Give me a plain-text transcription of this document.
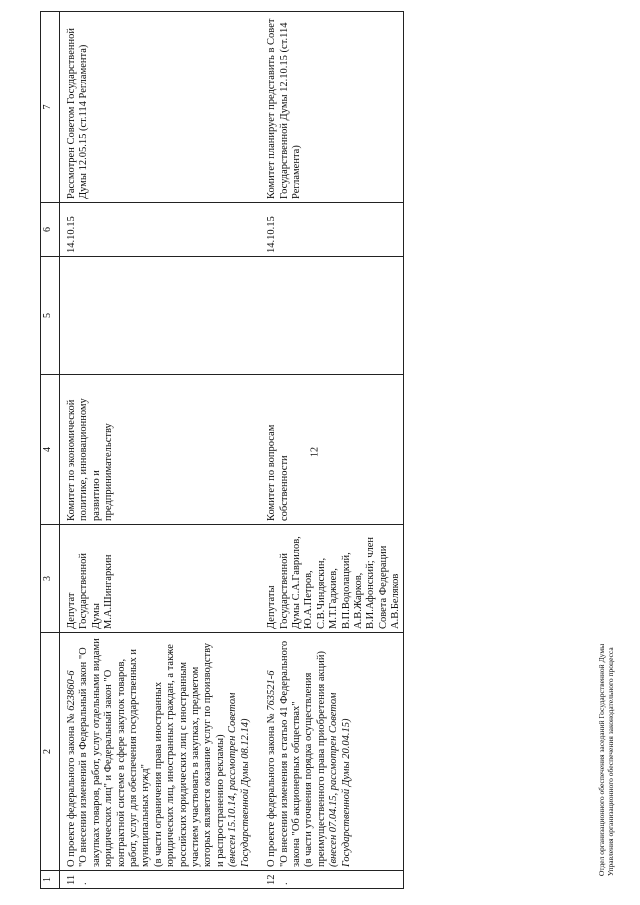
12
1	2	3	4	5	6	7
11.	О проекте федерального закона № 623860-6 "О внесении изменений в Федеральный закон "О закупках товаров, работ, услуг отдельными видами юридических лиц" и Федеральный закон "О контрактной системе в сфере закупок товаров, работ, услуг для обеспечения государственных и муниципальных нужд" (в части ограничения права иностранных юридических лиц, иностранных граждан, а также российских юридических лиц с иностранным участием участвовать в закупках, предметом которых является оказание услуг по производству и распространению рекламы) (внесен 15.10.14, рассмотрен Советом Государственной Думы 08.12.14)	Депутат Государственной Думы М.А.Шингаркин	Комитет по экономической политике, инновационному развитию и предпринимательству		14.10.15	Рассмотрен Советом Государственной Думы 12.05.15 (ст.114 Регламента)
12.	О проекте федерального закона № 763521-6 "О внесении изменения в статью 41 Федерального закона "Об акционерных обществах" (в части уточнения порядка осуществления преимущественного права приобретения акций) (внесен 07.04.15, рассмотрен Советом Государственной Думы 20.04.15)	Депутаты Государственной Думы С.А.Гаврилов, Ю.А.Петров, С.В.Чиндяскин, М.Т.Гаджиев, В.П.Водолацкий, А.В.Жарков, В.И.Афонский; член Совета Федерации А.В.Беляков	Комитет по вопросам собственности		14.10.15	Комитет планирует представить в Совет Государственной Думы 12.10.15 (ст.114 Регламента)
Отдел организационного обеспечения заседаний Государственной Думы Управления организационного обеспечения законодательного процесса
